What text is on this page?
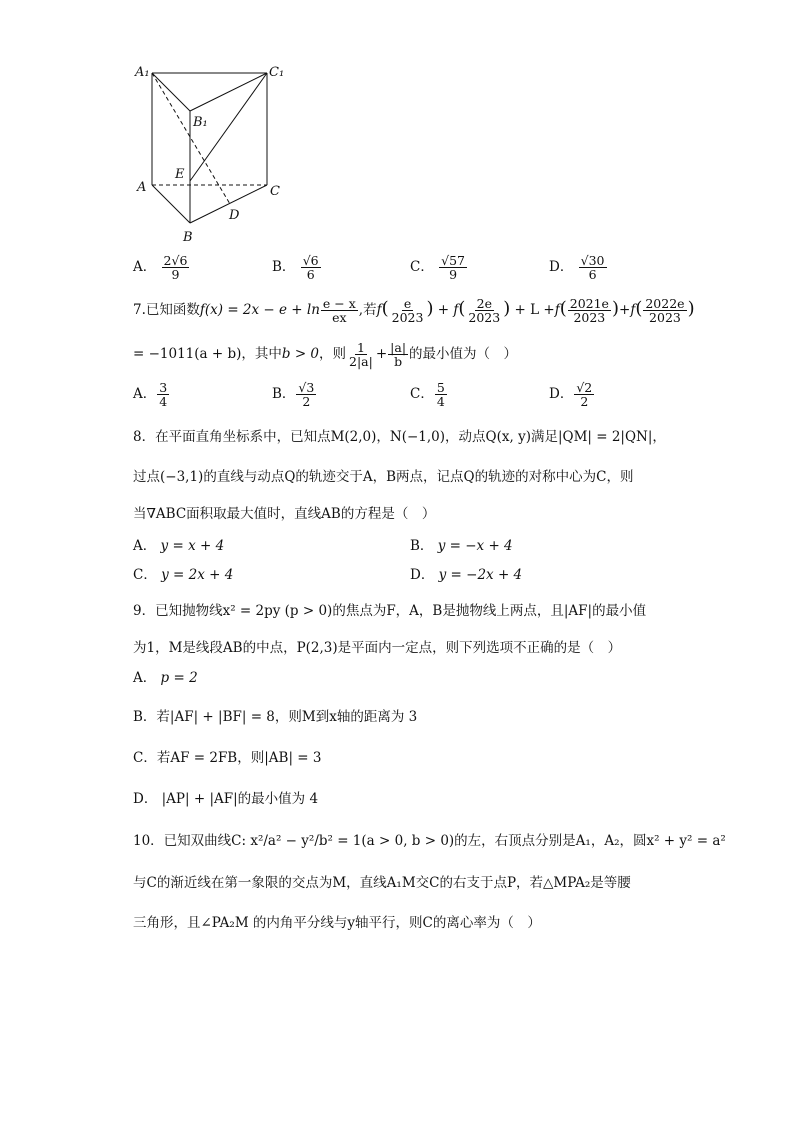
A₁	C₁
B₁
E
A	C
D
B
A． $\frac{2√6}{9}$	B． $\frac{√6}{6}$	C． $\frac{√57}{9}$	D． $\frac{√30}{6}$
7.已知函数$f(x) = 2x - e + \ln \frac{e - x}{ex}$ ,若$f( \frac{e}{2023}$ ) + $f( \frac{2e}{2023}$ ) + $L +f( \frac{2021e}{2023} )+f( \frac{2022e}{2023}$ )
= −1011(a + b)，其中b > 0，则 $\frac{1}{2|a|} + \frac{|a|}{b}$ 的最小值为（　）
A． $\frac{3}{4}$	B． $\frac{√3}{2}$	C． $\frac{5}{4}$	D． $\frac{√2}{2}$
8．在平面直角坐标系中，已知点M(2,0)，N(−1,0)，动点Q(x, y)满足|QM| = 2|QN|，
过点(−3,1)的直线与动点Q的轨迹交于A，B两点，记点Q的轨迹的对称中心为C，则
当∇ABC面积取最大值时，直线AB的方程是（　）
A． y = x + 4	B． y = −x + 4
C． y = 2x + 4	D． y = −2x + 4
9．已知抛物线x² = 2py (p > 0)的焦点为F，A，B是抛物线上两点，且|AF|的最小值
为1，M是线段AB的中点，P(2,3)是平面内一定点，则下列选项不正确的是（　）
A． p = 2
B．若|AF| + |BF| = 8，则M到x轴的距离为 3
C．若AF = 2FB，则|AB| = 3
D． |AP| + |AF|的最小值为 4
10．已知双曲线C: x²/a² − y²/b² = 1(a > 0, b > 0)的左，右顶点分别是A₁，A₂，圆x² + y² = a²
与C的渐近线在第一象限的交点为M，直线A₁M交C的右支于点P，若△MPA₂是等腰
三角形，且∠PA₂M 的内角平分线与y轴平行，则C的离心率为（　）
